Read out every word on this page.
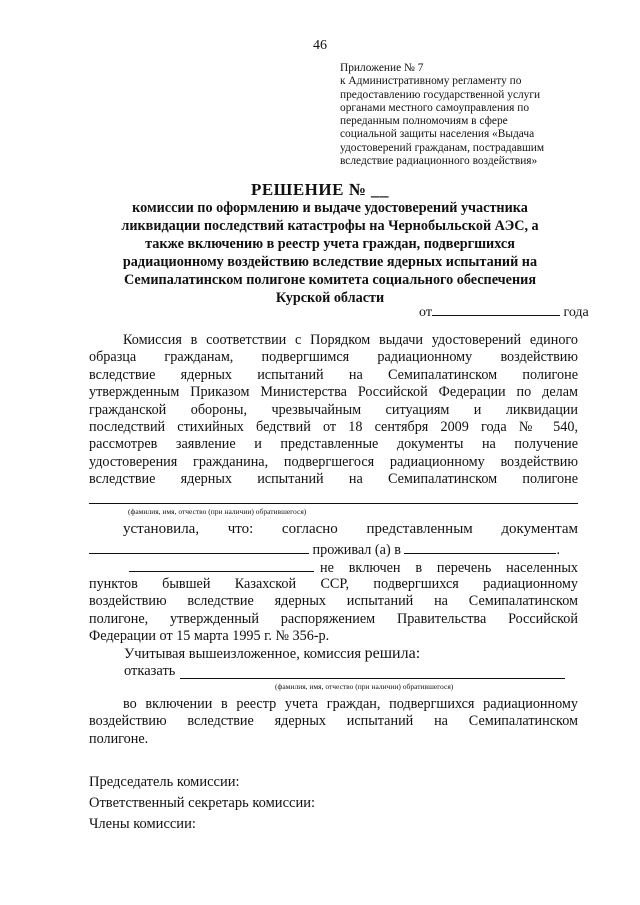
46
Приложение № 7
к Административному регламенту по
предоставлению государственной услуги
органами местного самоуправления по
переданным полномочиям в сфере
социальной защиты населения «Выдача
удостоверений гражданам, пострадавшим
вследствие радиационного воздействия»
РЕШЕНИЕ № __
комиссии по оформлению и выдаче удостоверений участника
ликвидации последствий катастрофы на Чернобыльской АЭС, а
также включению в реестр учета граждан, подвергшихся
радиационному воздействию вследствие ядерных испытаний на
Семипалатинском полигоне комитета социального обеспечения
Курской области
от	года
Комиссия в соответствии с Порядком выдачи удостоверений единого
образца гражданам, подвергшимся радиационному воздействию
вследствие ядерных испытаний на Семипалатинском полигоне
утвержденным Приказом Министерства Российской Федерации по делам
гражданской обороны, чрезвычайным ситуациям и ликвидации
последствий стихийных бедствий от 18 сентября 2009 года № 540,
рассмотрев заявление и представленные документы на получение
удостоверения гражданина, подвергшегося радиационному воздействию
вследствие ядерных испытаний на Семипалатинском полигоне
(фамилия, имя, отчество (при наличии) обратившегося)
установила, что: согласно представленным документам
проживал (а) в	.
не включен в перечень населенных
пунктов бывшей Казахской ССР, подвергшихся радиационному
воздействию вследствие ядерных испытаний на Семипалатинском
полигоне, утвержденный распоряжением Правительства Российской
Федерации от 15 марта 1995 г. № 356-р.
Учитывая вышеизложенное, комиссия решила:
отказать
(фамилия, имя, отчество (при наличии) обратившегося)
во включении в реестр учета граждан, подвергшихся радиационному
воздействию вследствие ядерных испытаний на Семипалатинском
полигоне.
Председатель комиссии:
Ответственный секретарь комиссии:
Члены комиссии:
